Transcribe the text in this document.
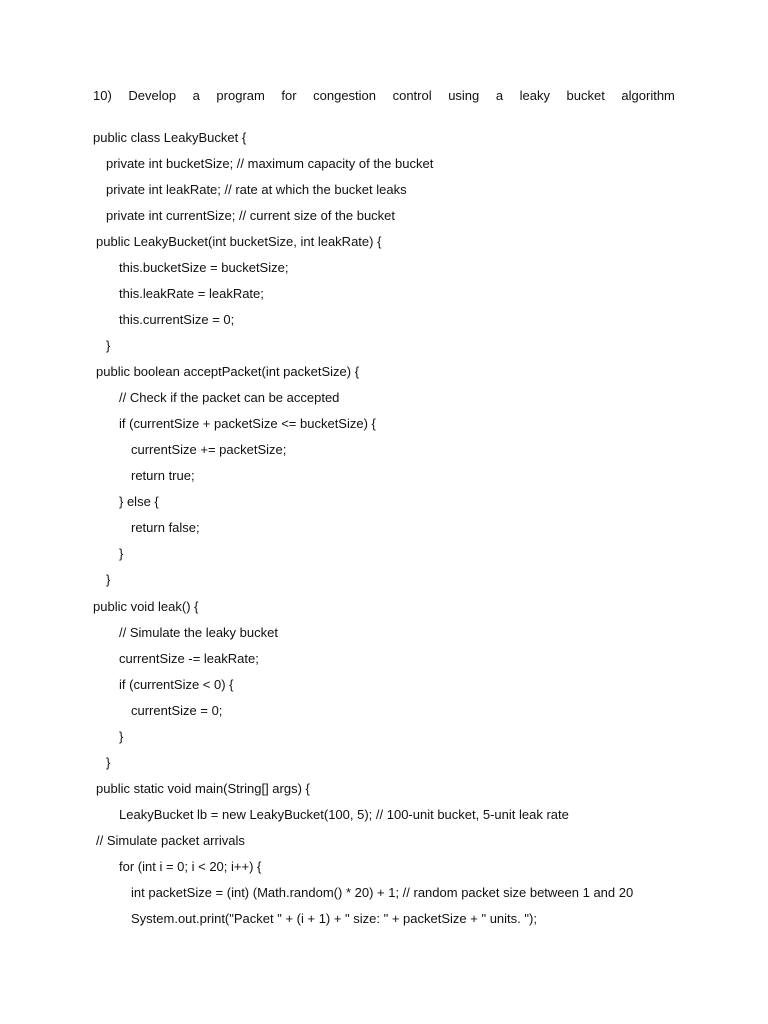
10) Develop a program for congestion control using a leaky bucket algorithm
public class LeakyBucket {
private int bucketSize; // maximum capacity of the bucket
private int leakRate; // rate at which the bucket leaks
private int currentSize; // current size of the bucket
public LeakyBucket(int bucketSize, int leakRate) {
this.bucketSize = bucketSize;
this.leakRate = leakRate;
this.currentSize = 0;
}
public boolean acceptPacket(int packetSize) {
// Check if the packet can be accepted
if (currentSize + packetSize <= bucketSize) {
currentSize += packetSize;
return true;
} else {
return false;
}
}
public void leak() {
// Simulate the leaky bucket
currentSize -= leakRate;
if (currentSize < 0) {
currentSize = 0;
}
}
public static void main(String[] args) {
LeakyBucket lb = new LeakyBucket(100, 5); // 100-unit bucket, 5-unit leak rate
// Simulate packet arrivals
for (int i = 0; i < 20; i++) {
int packetSize = (int) (Math.random() * 20) + 1; // random packet size between 1 and 20
System.out.print("Packet " + (i + 1) + " size: " + packetSize + " units. ");
